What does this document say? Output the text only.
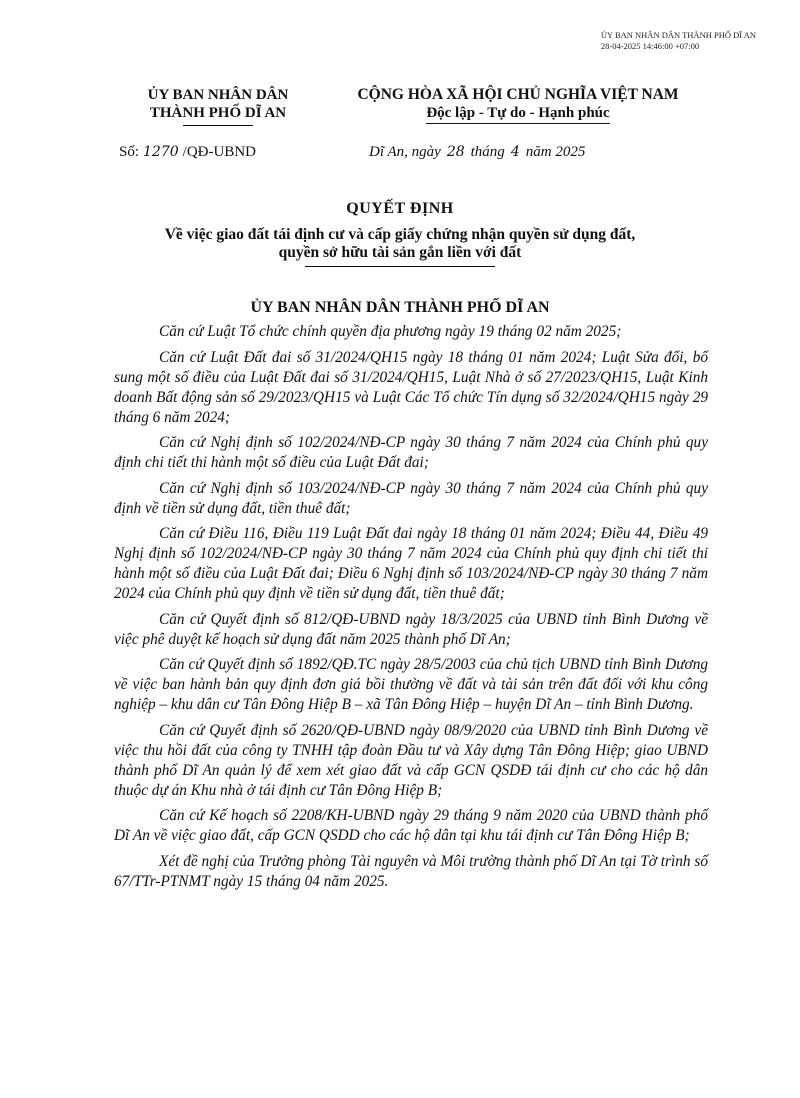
ỦY BAN NHÂN DÂN THÀNH PHỐ DĨ AN
28-04-2025 14:46:00 +07:00
ỦY BAN NHÂN DÂN
THÀNH PHỐ DĨ AN
CỘNG HÒA XÃ HỘI CHỦ NGHĨA VIỆT NAM
Độc lập - Tự do - Hạnh phúc
Số: 1270 /QĐ-UBND	Dĩ An, ngày 28 tháng 4 năm 2025
QUYẾT ĐỊNH
Về việc giao đất tái định cư và cấp giấy chứng nhận quyền sử dụng đất,
quyền sở hữu tài sản gắn liền với đất
ỦY BAN NHÂN DÂN THÀNH PHỐ DĨ AN

Căn cứ Luật Tổ chức chính quyền địa phương ngày 19 tháng 02 năm 2025;

Căn cứ Luật Đất đai số 31/2024/QH15 ngày 18 tháng 01 năm 2024; Luật Sửa đổi, bổ sung một số điều của Luật Đất đai số 31/2024/QH15, Luật Nhà ở số 27/2023/QH15, Luật Kinh doanh Bất động sản số 29/2023/QH15 và Luật Các Tổ chức Tín dụng số 32/2024/QH15 ngày 29 tháng 6 năm 2024;

Căn cứ Nghị định số 102/2024/NĐ-CP ngày 30 tháng 7 năm 2024 của Chính phủ quy định chi tiết thi hành một số điều của Luật Đất đai;

Căn cứ Nghị định số 103/2024/NĐ-CP ngày 30 tháng 7 năm 2024 của Chính phủ quy định về tiền sử dụng đất, tiền thuê đất;

Căn cứ Điều 116, Điều 119 Luật Đất đai ngày 18 tháng 01 năm 2024; Điều 44, Điều 49 Nghị định số 102/2024/NĐ-CP ngày 30 tháng 7 năm 2024 của Chính phủ quy định chi tiết thi hành một số điều của Luật Đất đai; Điều 6 Nghị định số 103/2024/NĐ-CP ngày 30 tháng 7 năm 2024 của Chính phủ quy định về tiền sử dụng đất, tiền thuê đất;

Căn cứ Quyết định số 812/QĐ-UBND ngày 18/3/2025 của UBND tỉnh Bình Dương về việc phê duyệt kế hoạch sử dụng đất năm 2025 thành phố Dĩ An;

Căn cứ Quyết định số 1892/QĐ.TC ngày 28/5/2003 của chủ tịch UBND tỉnh Bình Dương về việc ban hành bản quy định đơn giá bồi thường về đất và tài sản trên đất đối với khu công nghiệp – khu dân cư Tân Đông Hiệp B – xã Tân Đông Hiệp – huyện Dĩ An – tỉnh Bình Dương.

Căn cứ Quyết định số 2620/QĐ-UBND ngày 08/9/2020 của UBND tỉnh Bình Dương về việc thu hồi đất của công ty TNHH tập đoàn Đầu tư và Xây dựng Tân Đông Hiệp; giao UBND thành phố Dĩ An quản lý để xem xét giao đất và cấp GCN QSDĐ tái định cư cho các hộ dân thuộc dự án Khu nhà ở tái định cư Tân Đông Hiệp B;

Căn cứ Kế hoạch số 2208/KH-UBND ngày 29 tháng 9 năm 2020 của UBND thành phố Dĩ An về việc giao đất, cấp GCN QSDD cho các hộ dân tại khu tái định cư Tân Đông Hiệp B;

Xét đề nghị của Trưởng phòng Tài nguyên và Môi trường thành phố Dĩ An tại Tờ trình số 67/TTr-PTNMT ngày 15 tháng 04 năm 2025.
